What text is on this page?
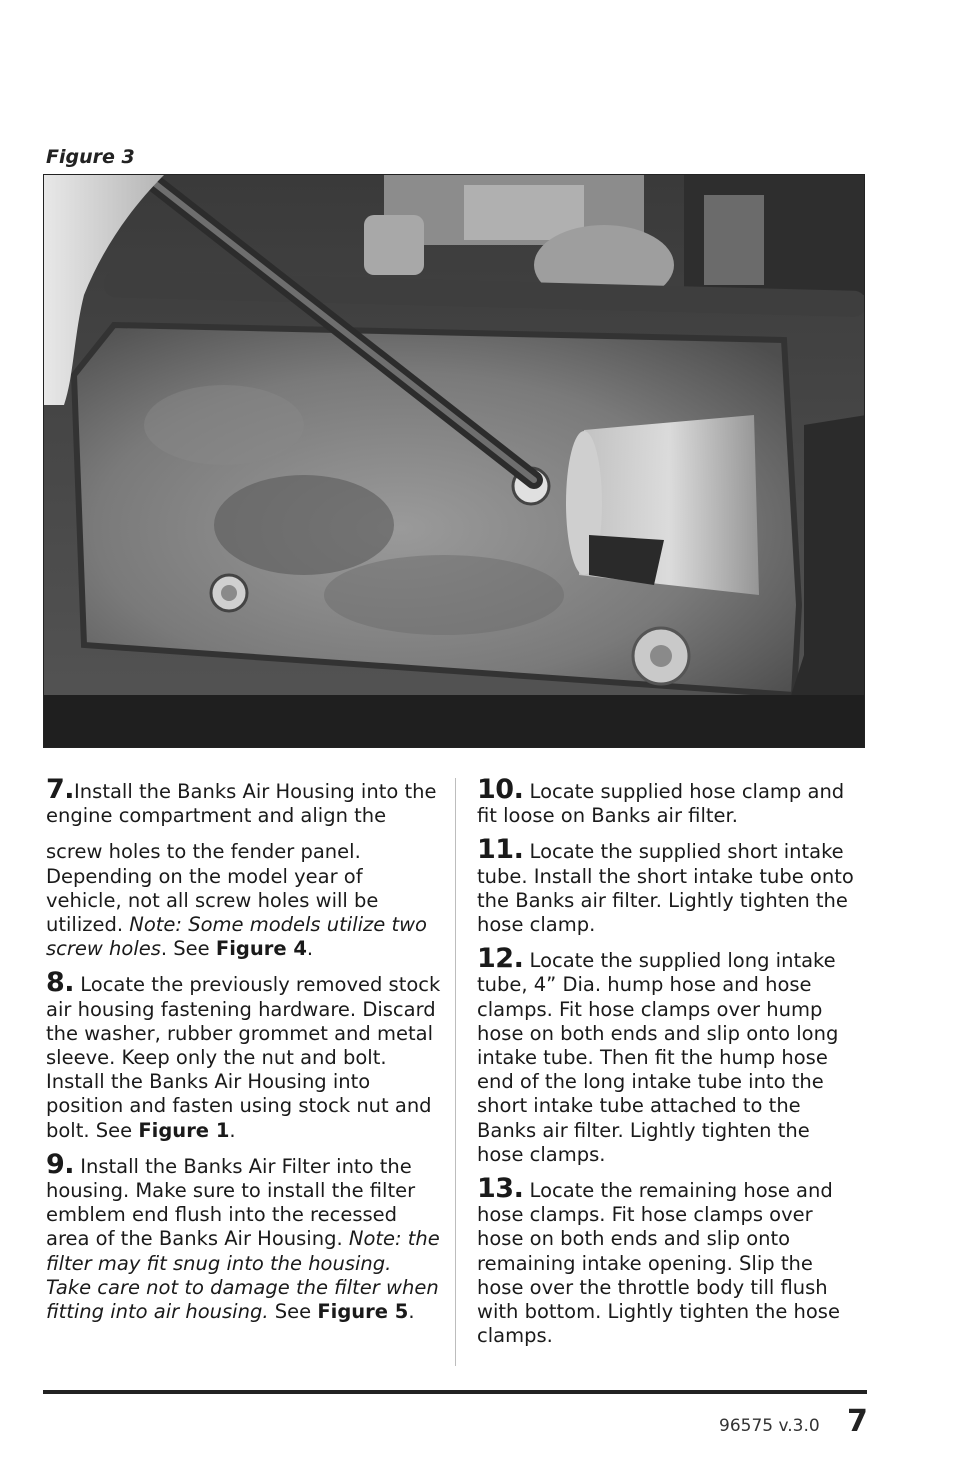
Figure 3
7.Install the Banks Air Housing into the engine compartment and align the
screw holes to the fender panel. Depending on the model year of vehicle, not all screw holes will be utilized. Note: Some models utilize two screw holes. See Figure 4.
8. Locate the previously removed stock air housing fastening hardware. Discard the washer, rubber grommet and metal sleeve. Keep only the nut and bolt. Install the Banks Air Housing into position and fasten using stock nut and bolt. See Figure 1.
9. Install the Banks Air Filter into the housing. Make sure to install the filter emblem end flush into the recessed area of the Banks Air Housing. Note: the filter may fit snug into the housing. Take care not to damage the filter when fitting into air housing. See Figure 5.
10. Locate supplied hose clamp and fit loose on Banks air filter.
11. Locate the supplied short intake tube. Install the short intake tube onto the Banks air filter. Lightly tighten the hose clamp.
12. Locate the supplied long intake tube, 4” Dia. hump hose and hose clamps. Fit hose clamps over hump hose on both ends and slip onto long intake tube. Then fit the hump hose end of the long intake tube into the short intake tube attached to the Banks air filter. Lightly tighten the hose clamps.
13. Locate the remaining hose and hose clamps. Fit hose clamps over hose on both ends and slip onto remaining intake opening. Slip the hose over the throttle body till flush with bottom. Lightly tighten the hose clamps.
96575 v.3.0 7
